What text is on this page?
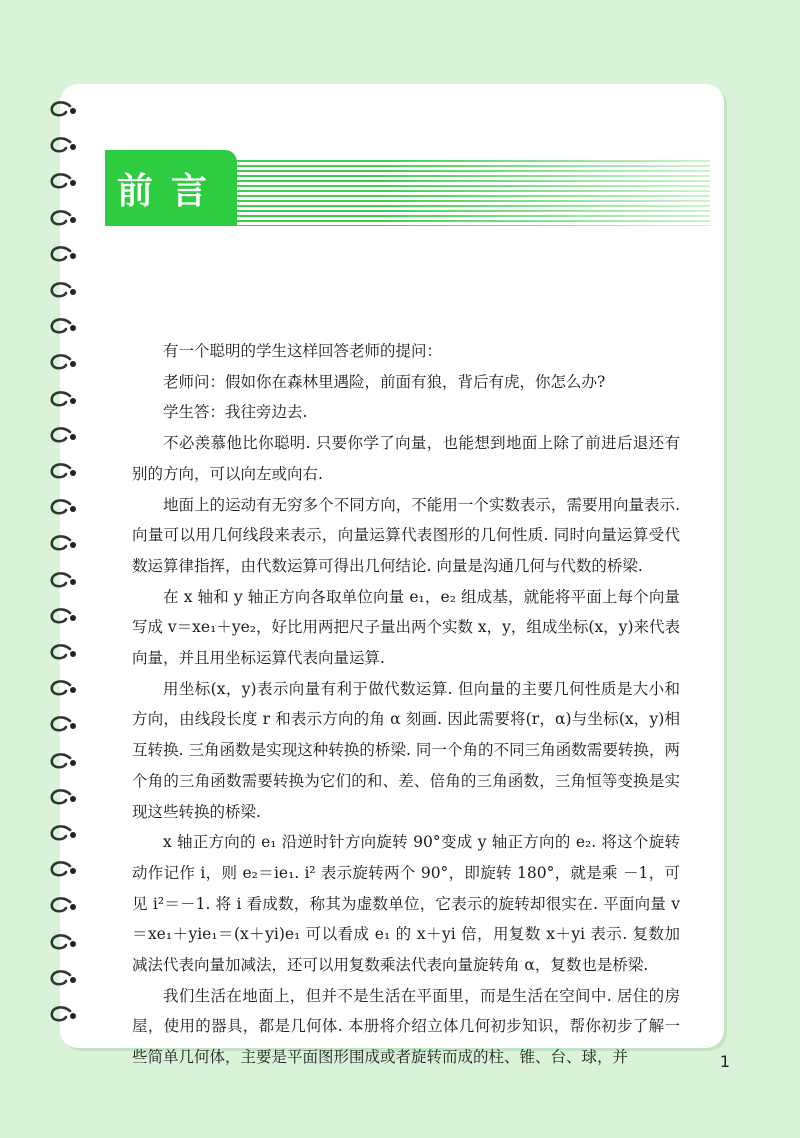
前言

有一个聪明的学生这样回答老师的提问：

老师问：假如你在森林里遇险，前面有狼，背后有虎，你怎么办?

学生答：我往旁边去.

不必羡慕他比你聪明. 只要你学了向量，也能想到地面上除了前进后退还有别的方向，可以向左或向右.

地面上的运动有无穷多个不同方向，不能用一个实数表示，需要用向量表示. 向量可以用几何线段来表示，向量运算代表图形的几何性质. 同时向量运算受代数运算律指挥，由代数运算可得出几何结论. 向量是沟通几何与代数的桥梁.

在 x 轴和 y 轴正方向各取单位向量 e₁，e₂ 组成基，就能将平面上每个向量写成 v＝xe₁＋ye₂，好比用两把尺子量出两个实数 x，y，组成坐标(x，y)来代表向量，并且用坐标运算代表向量运算.

用坐标(x，y)表示向量有利于做代数运算. 但向量的主要几何性质是大小和方向，由线段长度 r 和表示方向的角 α 刻画. 因此需要将(r，α)与坐标(x，y)相互转换. 三角函数是实现这种转换的桥梁. 同一个角的不同三角函数需要转换，两个角的三角函数需要转换为它们的和、差、倍角的三角函数，三角恒等变换是实现这些转换的桥梁.

x 轴正方向的 e₁ 沿逆时针方向旋转 90°变成 y 轴正方向的 e₂. 将这个旋转动作记作 i，则 e₂＝ie₁. i² 表示旋转两个 90°，即旋转 180°，就是乘 －1，可见 i²＝－1. 将 i 看成数，称其为虚数单位，它表示的旋转却很实在. 平面向量 v＝xe₁＋yie₁＝(x＋yi)e₁ 可以看成 e₁ 的 x＋yi 倍，用复数 x＋yi 表示. 复数加减法代表向量加减法，还可以用复数乘法代表向量旋转角 α，复数也是桥梁.

我们生活在地面上，但并不是生活在平面里，而是生活在空间中. 居住的房屋，使用的器具，都是几何体. 本册将介绍立体几何初步知识，帮你初步了解一些简单几何体，主要是平面图形围成或者旋转而成的柱、锥、台、球，并	1
